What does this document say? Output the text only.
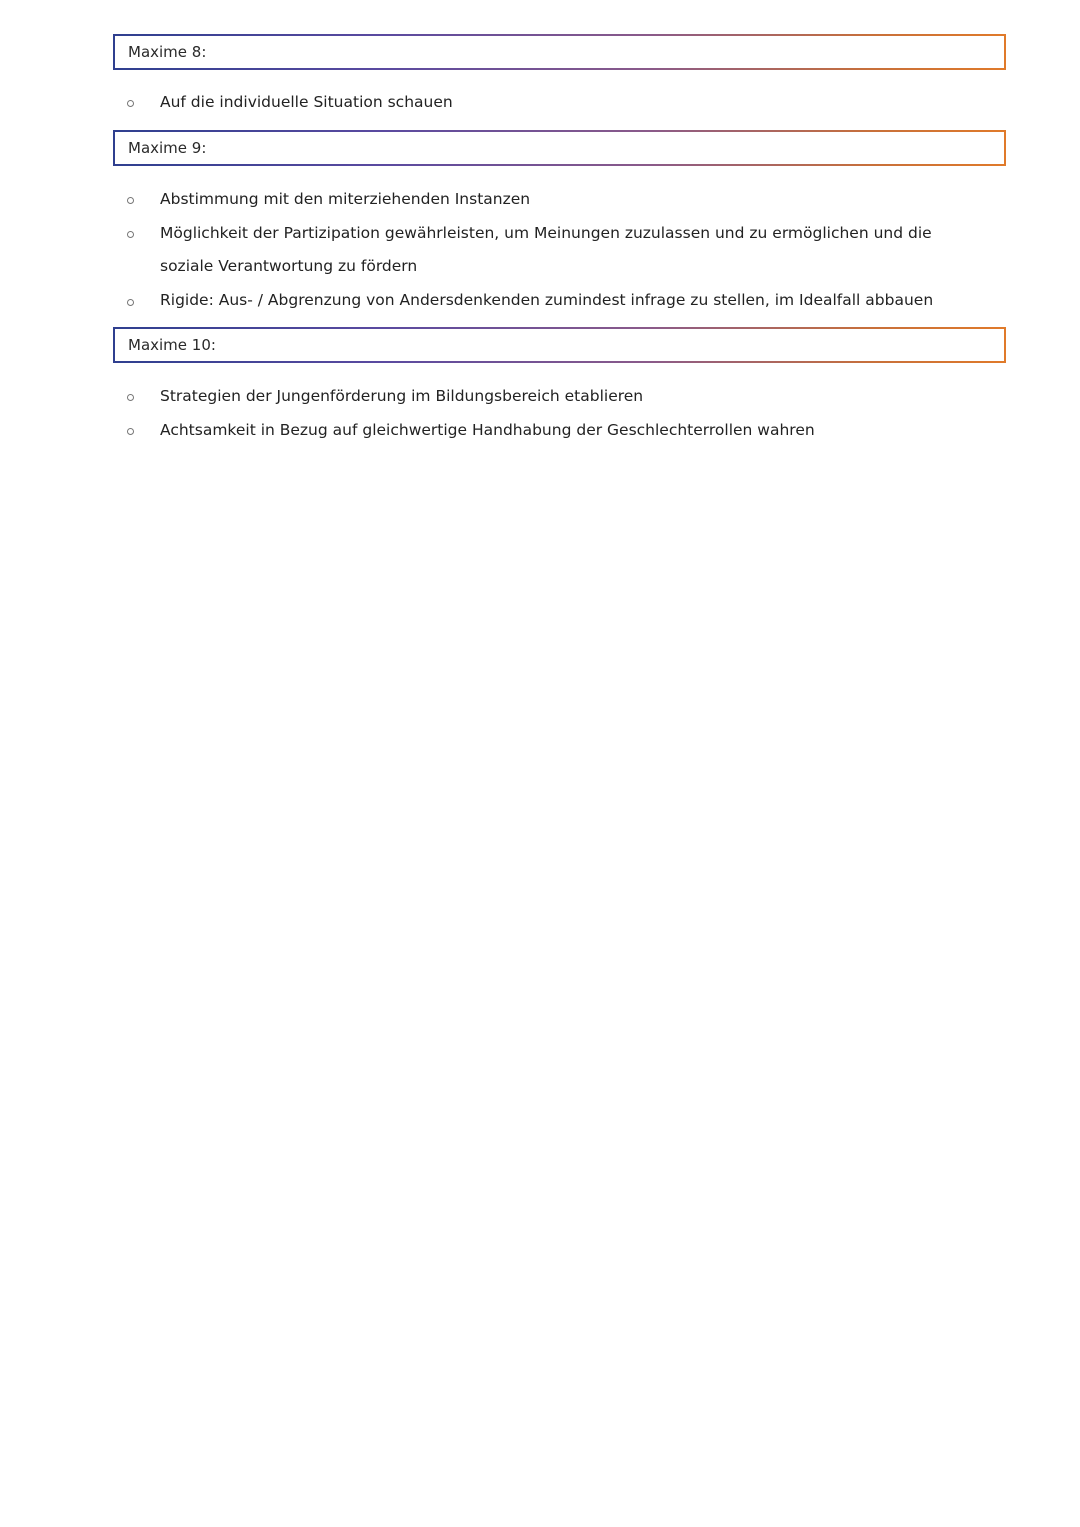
Maxime 8:
Auf die individuelle Situation schauen
Maxime 9:
Abstimmung mit den miterziehenden Instanzen
Möglichkeit der Partizipation gewährleisten, um Meinungen zuzulassen und zu ermöglichen und die soziale Verantwortung zu fördern
Rigide: Aus- / Abgrenzung von Andersdenkenden zumindest infrage zu stellen, im Idealfall abbauen
Maxime 10:
Strategien der Jungenförderung im Bildungsbereich etablieren
Achtsamkeit in Bezug auf gleichwertige Handhabung der Geschlechterrollen wahren
